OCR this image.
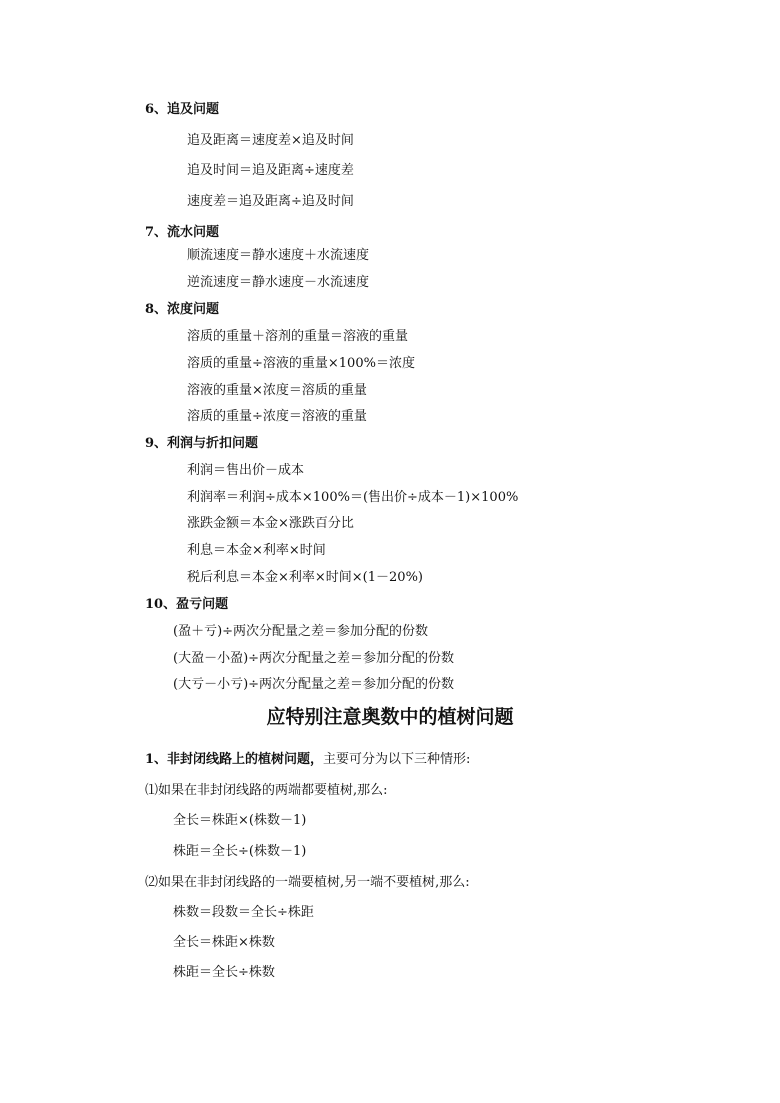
6、追及问题
追及距离＝速度差×追及时间
追及时间＝追及距离÷速度差
速度差＝追及距离÷追及时间
7、流水问题
顺流速度＝静水速度＋水流速度
逆流速度＝静水速度－水流速度
8、浓度问题
溶质的重量＋溶剂的重量＝溶液的重量
溶质的重量÷溶液的重量×100%＝浓度
溶液的重量×浓度＝溶质的重量
溶质的重量÷浓度＝溶液的重量
9、利润与折扣问题
利润＝售出价－成本
利润率＝利润÷成本×100%＝(售出价÷成本－1)×100%
涨跌金额＝本金×涨跌百分比
利息＝本金×利率×时间
税后利息＝本金×利率×时间×(1－20%)
10、盈亏问题
(盈＋亏)÷两次分配量之差＝参加分配的份数
(大盈－小盈)÷两次分配量之差＝参加分配的份数
(大亏－小亏)÷两次分配量之差＝参加分配的份数
应特别注意奥数中的植树问题
1、非封闭线路上的植树问题，主要可分为以下三种情形:
⑴如果在非封闭线路的两端都要植树,那么:
全长＝株距×(株数－1)
株距＝全长÷(株数－1)
⑵如果在非封闭线路的一端要植树,另一端不要植树,那么:
株数＝段数＝全长÷株距
全长＝株距×株数
株距＝全长÷株数
